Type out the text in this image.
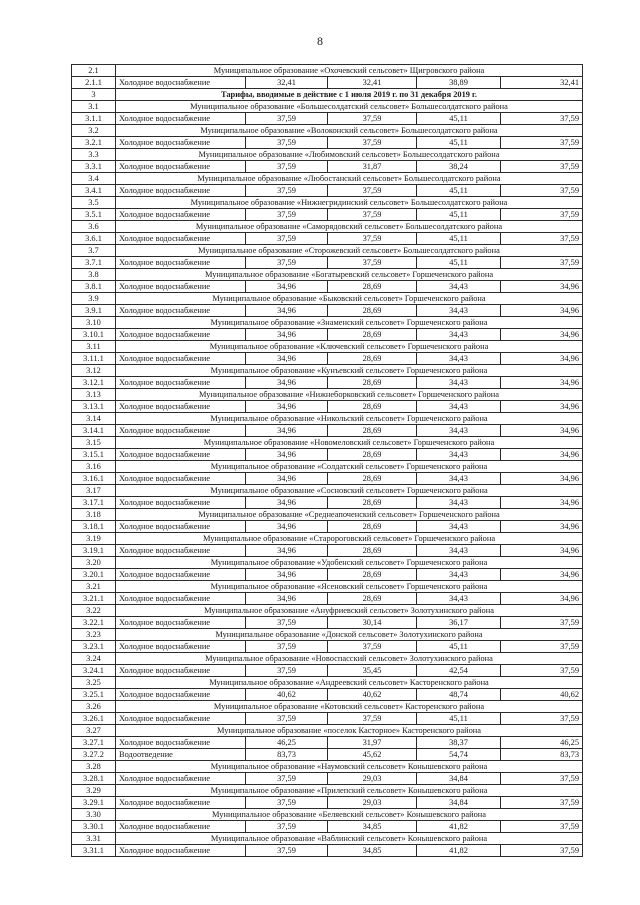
8
2.1	Муниципальное образование «Охочевский сельсовет» Щигровского района				
2.1.1	Холодное водоснабжение	32,41	32,41	38,89	32,41
3	Тарифы, вводимые в действие с 1 июля 2019 г. по 31 декабря 2019 г.				
3.1	Муниципальное образование «Большесолдатский сельсовет» Большесолдатского района				
3.1.1	Холодное водоснабжение	37,59	37,59	45,11	37,59
3.2	Муниципальное образование «Волоконский сельсовет» Большесолдатского района				
3.2.1	Холодное водоснабжение	37,59	37,59	45,11	37,59
3.3	Муниципальное образование «Любимовский сельсовет» Большесолдатского района				
3.3.1	Холодное водоснабжение	37,59	31,87	38,24	37,59
3.4	Муниципальное образование «Любостанский сельсовет» Большесолдатского района				
3.4.1	Холодное водоснабжение	37,59	37,59	45,11	37,59
3.5	Муниципальное образование «Нижнегридинский сельсовет» Большесолдатского района				
3.5.1	Холодное водоснабжение	37,59	37,59	45,11	37,59
3.6	Муниципальное образование «Саморядовский сельсовет» Большесолдатского района				
3.6.1	Холодное водоснабжение	37,59	37,59	45,11	37,59
3.7	Муниципальное образование «Сторожевский сельсовет» Большесолдатского района				
3.7.1	Холодное водоснабжение	37,59	37,59	45,11	37,59
3.8	Муниципальное образование «Богатыревский сельсовет» Горшеченского района				
3.8.1	Холодное водоснабжение	34,96	28,69	34,43	34,96
3.9	Муниципальное образование «Быковский сельсовет» Горшеченского района				
3.9.1	Холодное водоснабжение	34,96	28,69	34,43	34,96
3.10	Муниципальное образование «Знаменский сельсовет» Горшеченского района				
3.10.1	Холодное водоснабжение	34,96	28,69	34,43	34,96
3.11	Муниципальное образование «Ключевский сельсовет» Горшеченского района				
3.11.1	Холодное водоснабжение	34,96	28,69	34,43	34,96
3.12	Муниципальное образование «Кунъевский сельсовет» Горшеченского района				
3.12.1	Холодное водоснабжение	34,96	28,69	34,43	34,96
3.13	Муниципальное образование «Нижнеборковский сельсовет» Горшеченского района				
3.13.1	Холодное водоснабжение	34,96	28,69	34,43	34,96
3.14	Муниципальное образование «Никольский сельсовет» Горшеченского района				
3.14.1	Холодное водоснабжение	34,96	28,69	34,43	34,96
3.15	Муниципальное образование «Новомеловский сельсовет» Горшеченского района				
3.15.1	Холодное водоснабжение	34,96	28,69	34,43	34,96
3.16	Муниципальное образование «Солдатский сельсовет» Горшеченского района				
3.16.1	Холодное водоснабжение	34,96	28,69	34,43	34,96
3.17	Муниципальное образование «Сосновский сельсовет» Горшеченского района				
3.17.1	Холодное водоснабжение	34,96	28,69	34,43	34,96
3.18	Муниципальное образование «Среднеапоченский сельсовет» Горшеченского района				
3.18.1	Холодное водоснабжение	34,96	28,69	34,43	34,96
3.19	Муниципальное образование «Старороговский сельсовет» Горшеченского района				
3.19.1	Холодное водоснабжение	34,96	28,69	34,43	34,96
3.20	Муниципальное образование «Удобенский сельсовет» Горшеченского района				
3.20.1	Холодное водоснабжение	34,96	28,69	34,43	34,96
3.21	Муниципальное образование «Ясеновский сельсовет» Горшеченского района				
3.21.1	Холодное водоснабжение	34,96	28,69	34,43	34,96
3.22	Муниципальное образование «Ануфриевский сельсовет» Золотухинского района				
3.22.1	Холодное водоснабжение	37,59	30,14	36,17	37,59
3.23	Муниципальное образование «Донской сельсовет» Золотухинского района				
3.23.1	Холодное водоснабжение	37,59	37,59	45,11	37,59
3.24	Муниципальное образование «Новоспасский сельсовет» Золотухинского района				
3.24.1	Холодное водоснабжение	37,59	35,45	42,54	37,59
3.25	Муниципальное образование «Андреевский сельсовет» Касторенского района				
3.25.1	Холодное водоснабжение	40,62	40,62	48,74	40,62
3.26	Муниципальное образование «Котовский сельсовет» Касторенского района				
3.26.1	Холодное водоснабжение	37,59	37,59	45,11	37,59
3.27	Муниципальное образование «поселок Касторное» Касторенского района				
3.27.1	Холодное водоснабжение	46,25	31,97	38,37	46,25
3.27.2	Водоотведение	83,73	45,62	54,74	83,73
3.28	Муниципальное образование «Наумовский сельсовет» Конышевского района				
3.28.1	Холодное водоснабжение	37,59	29,03	34,84	37,59
3.29	Муниципальное образование «Прилепский сельсовет» Конышевского района				
3.29.1	Холодное водоснабжение	37,59	29,03	34,84	37,59
3.30	Муниципальное образование «Беляевский сельсовет» Конышевского района				
3.30.1	Холодное водоснабжение	37,59	34,85	41,82	37,59
3.31	Муниципальное образование «Ваблинский сельсовет» Конышевского района				
3.31.1	Холодное водоснабжение	37,59	34,85	41,82	37,59
